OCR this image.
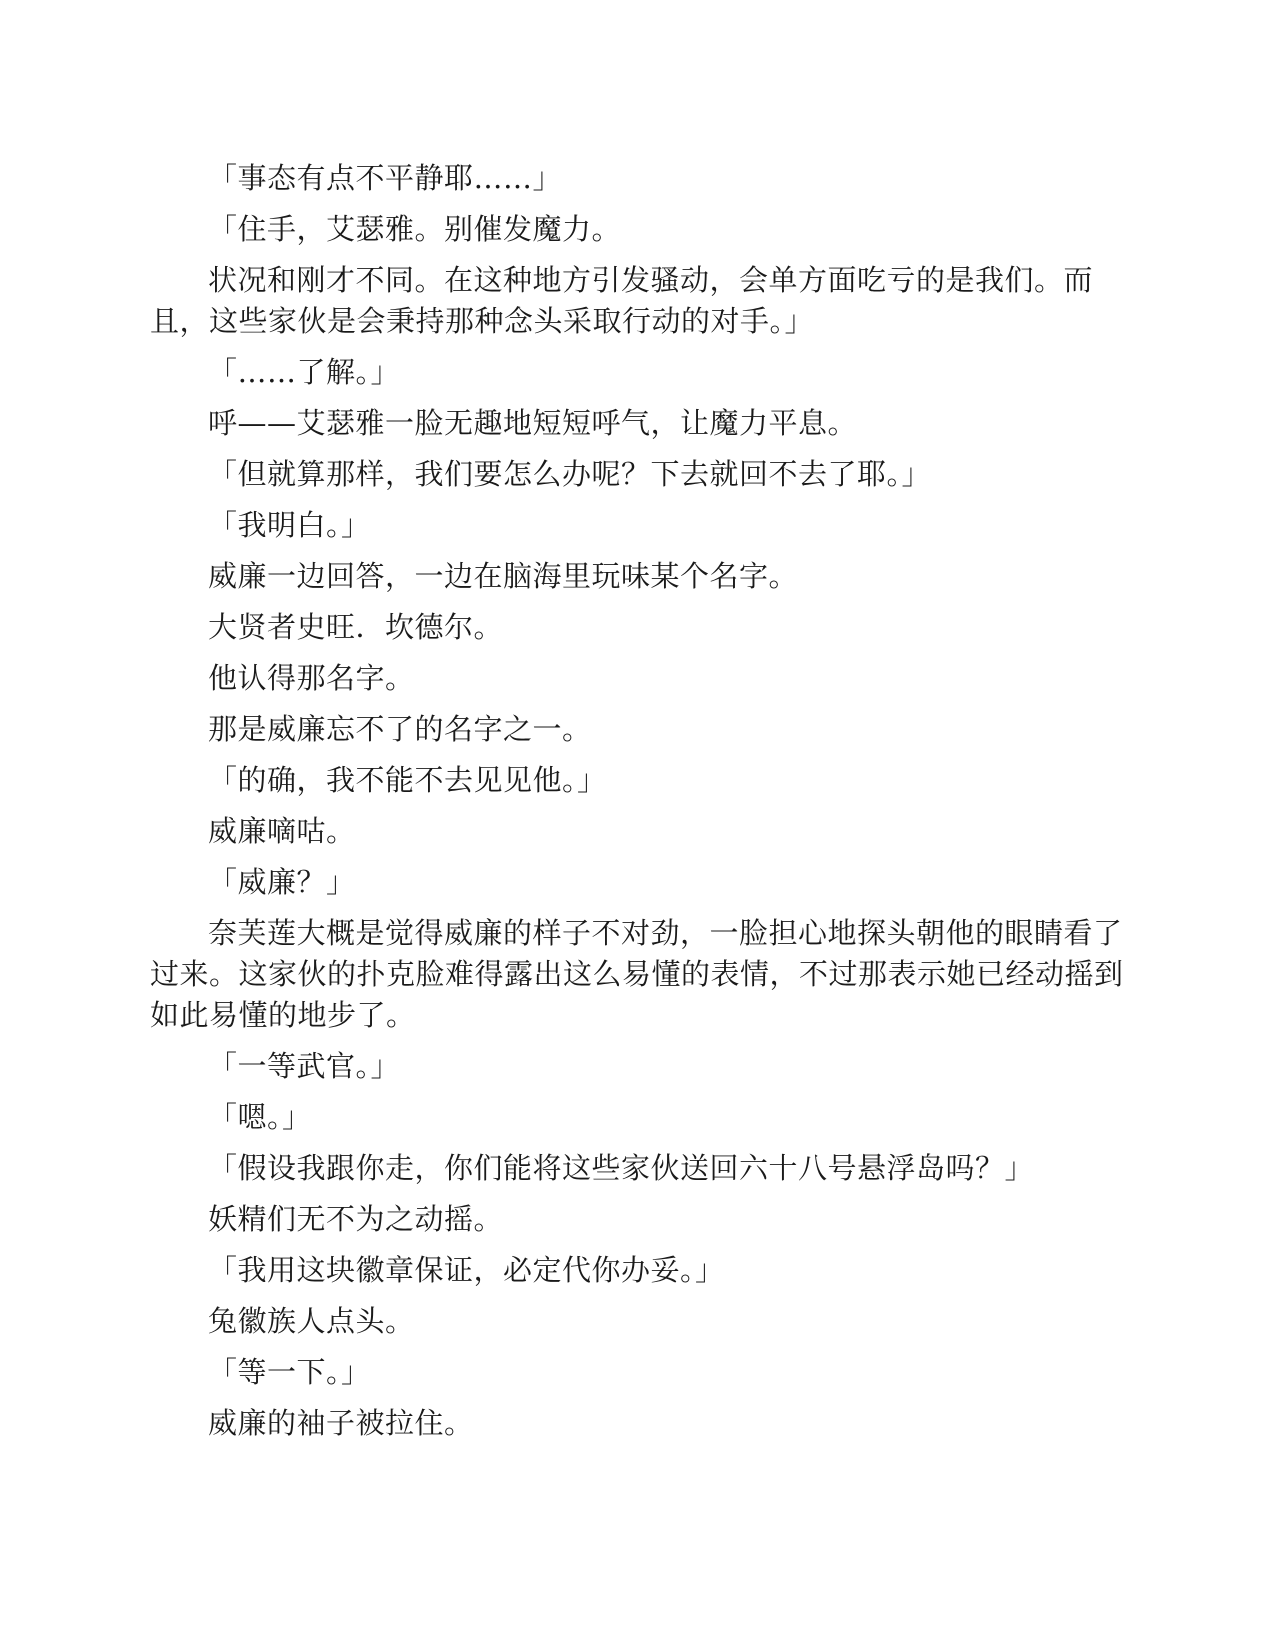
「事态有点不平静耶……」

「住手，艾瑟雅。别催发魔力。

状况和刚才不同。在这种地方引发骚动，会单方面吃亏的是我们。而且，这些家伙是会秉持那种念头采取行动的对手。」

「……了解。」

呼——艾瑟雅一脸无趣地短短呼气，让魔力平息。

「但就算那样，我们要怎么办呢？下去就回不去了耶。」

「我明白。」

威廉一边回答，一边在脑海里玩味某个名字。

大贤者史旺．坎德尔。

他认得那名字。

那是威廉忘不了的名字之一。

「的确，我不能不去见见他。」

威廉嘀咕。

「威廉？」

奈芙莲大概是觉得威廉的样子不对劲，一脸担心地探头朝他的眼睛看了过来。这家伙的扑克脸难得露出这么易懂的表情，不过那表示她已经动摇到如此易懂的地步了。

「一等武官。」

「嗯。」

「假设我跟你走，你们能将这些家伙送回六十八号悬浮岛吗？」

妖精们无不为之动摇。

「我用这块徽章保证，必定代你办妥。」

兔徽族人点头。

「等一下。」

威廉的袖子被拉住。
